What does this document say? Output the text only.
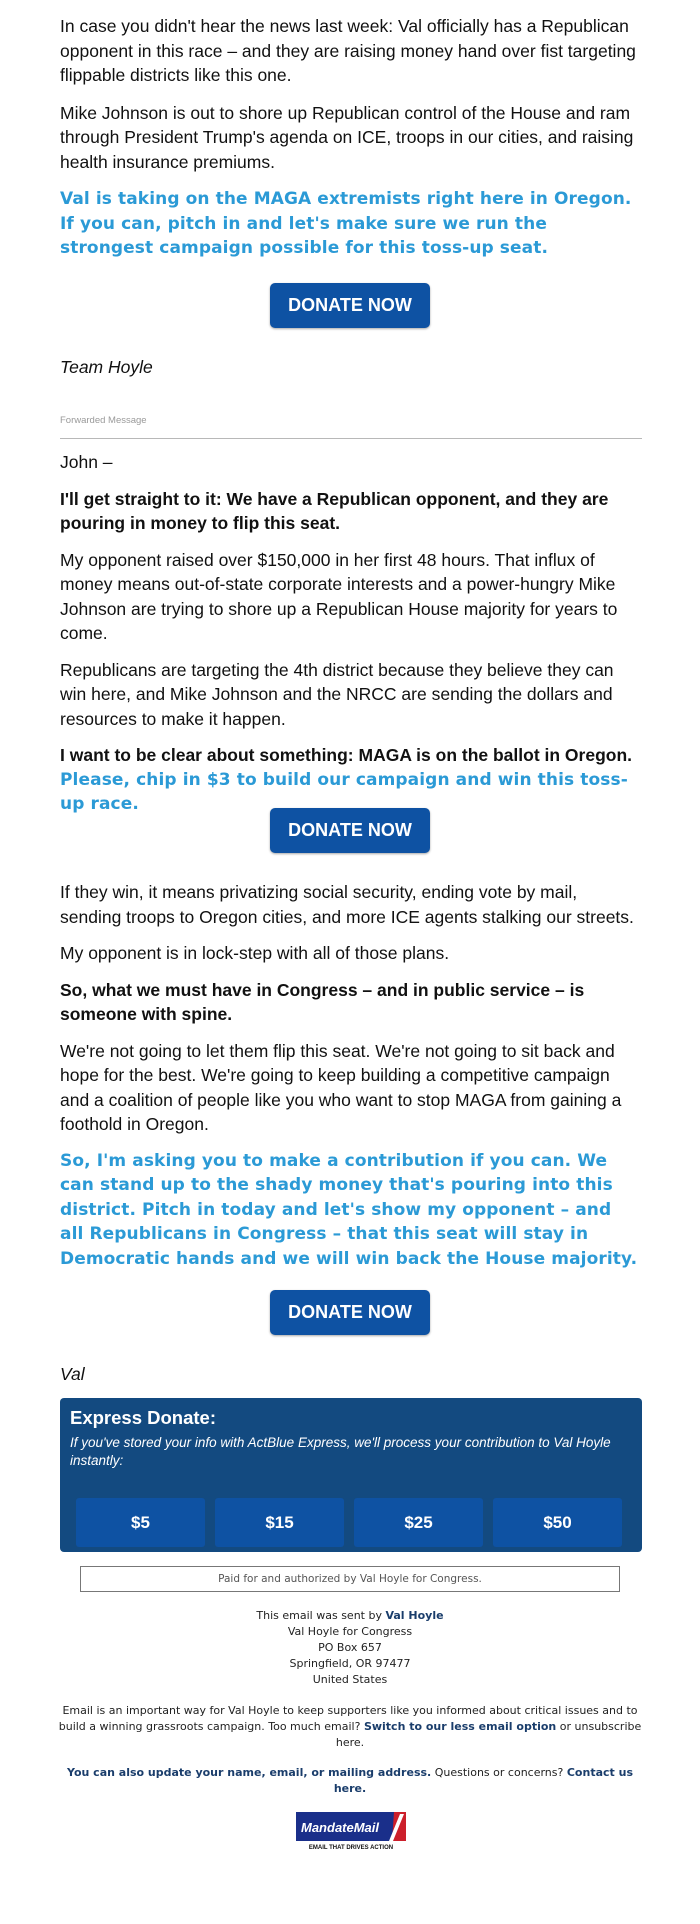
In case you didn't hear the news last week: Val officially has a Republican opponent in this race – and they are raising money hand over fist targeting flippable districts like this one.

Mike Johnson is out to shore up Republican control of the House and ram through President Trump's agenda on ICE, troops in our cities, and raising health insurance premiums.

Val is taking on the MAGA extremists right here in Oregon. If you can, pitch in and let's make sure we run the strongest campaign possible for this toss-up seat.

DONATE NOW
Team Hoyle
Forwarded Message

John –

I'll get straight to it: We have a Republican opponent, and they are pouring in money to flip this seat.

My opponent raised over $150,000 in her first 48 hours. That influx of money means out-of-state corporate interests and a power-hungry Mike Johnson are trying to shore up a Republican House majority for years to come.

Republicans are targeting the 4th district because they believe they can win here, and Mike Johnson and the NRCC are sending the dollars and resources to make it happen.

I want to be clear about something: MAGA is on the ballot in Oregon.

Please, chip in $3 to build our campaign and win this toss-up race.

DONATE NOW

If they win, it means privatizing social security, ending vote by mail, sending troops to Oregon cities, and more ICE agents stalking our streets.

My opponent is in lock-step with all of those plans.

So, what we must have in Congress – and in public service – is someone with spine.

We're not going to let them flip this seat. We're not going to sit back and hope for the best. We're going to keep building a competitive campaign and a coalition of people like you who want to stop MAGA from gaining a foothold in Oregon.

So, I'm asking you to make a contribution if you can. We can stand up to the shady money that's pouring into this district. Pitch in today and let's show my opponent – and all Republicans in Congress – that this seat will stay in Democratic hands and we will win back the House majority.

DONATE NOW
Val
Express Donate:
If you've stored your info with ActBlue Express, we'll process your contribution to Val Hoyle instantly:
$5	$15	$25	$50
Paid for and authorized by Val Hoyle for Congress.
This email was sent by Val Hoyle
Val Hoyle for Congress
PO Box 657
Springfield, OR 97477
United States
Email is an important way for Val Hoyle to keep supporters like you informed about critical issues and to build a winning grassroots campaign. Too much email? Switch to our less email option or unsubscribe here.
You can also update your name, email, or mailing address. Questions or concerns? Contact us here.
MandateMail
EMAIL THAT DRIVES ACTION
